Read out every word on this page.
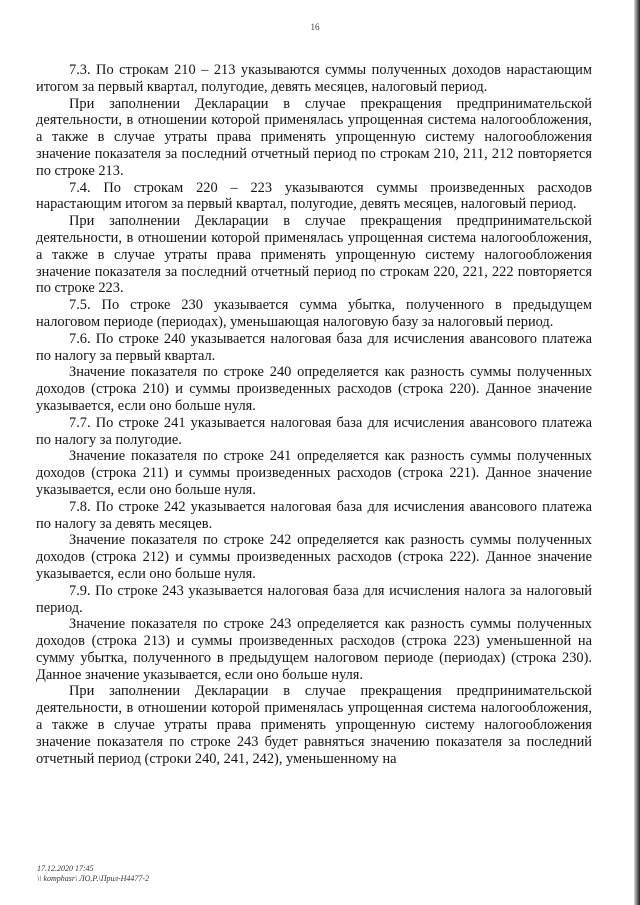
16

7.3. По строкам 210 – 213 указываются суммы полученных доходов нарастающим итогом за первый квартал, полугодие, девять месяцев, налоговый период.

При заполнении Декларации в случае прекращения предпринимательской деятельности, в отношении которой применялась упрощенная система налогообложения, а также в случае утраты права применять упрощенную систему налогообложения значение показателя за последний отчетный период по строкам 210, 211, 212 повторяется по строке 213.

7.4. По строкам 220 – 223 указываются суммы произведенных расходов нарастающим итогом за первый квартал, полугодие, девять месяцев, налоговый период.

При заполнении Декларации в случае прекращения предпринимательской деятельности, в отношении которой применялась упрощенная система налогообложения, а также в случае утраты права применять упрощенную систему налогообложения значение показателя за последний отчетный период по строкам 220, 221, 222 повторяется по строке 223.

7.5. По строке 230 указывается сумма убытка, полученного в предыдущем налоговом периоде (периодах), уменьшающая налоговую базу за налоговый период.

7.6. По строке 240 указывается налоговая база для исчисления авансового платежа по налогу за первый квартал.

Значение показателя по строке 240 определяется как разность суммы полученных доходов (строка 210) и суммы произведенных расходов (строка 220). Данное значение указывается, если оно больше нуля.

7.7. По строке 241 указывается налоговая база для исчисления авансового платежа по налогу за полугодие.

Значение показателя по строке 241 определяется как разность суммы полученных доходов (строка 211) и суммы произведенных расходов (строка 221). Данное значение указывается, если оно больше нуля.

7.8. По строке 242 указывается налоговая база для исчисления авансового платежа по налогу за девять месяцев.

Значение показателя по строке 242 определяется как разность суммы полученных доходов (строка 212) и суммы произведенных расходов (строка 222). Данное значение указывается, если оно больше нуля.

7.9. По строке 243 указывается налоговая база для исчисления налога за налоговый период.

Значение показателя по строке 243 определяется как разность суммы полученных доходов (строка 213) и суммы произведенных расходов (строка 223) уменьшенной на сумму убытка, полученного в предыдущем налоговом периоде (периодах) (строка 230). Данное значение указывается, если оно больше нуля.

При заполнении Декларации в случае прекращения предпринимательской деятельности, в отношении которой применялась упрощенная система налогообложения, а также в случае утраты права применять упрощенную систему налогообложения значение показателя по строке 243 будет равняться значению показателя за последний отчетный период (строки 240, 241, 242), уменьшенному на

17.12.2020 17:45
\\ komphasr\ ЛО.Р.\Прил-Н4477-2
